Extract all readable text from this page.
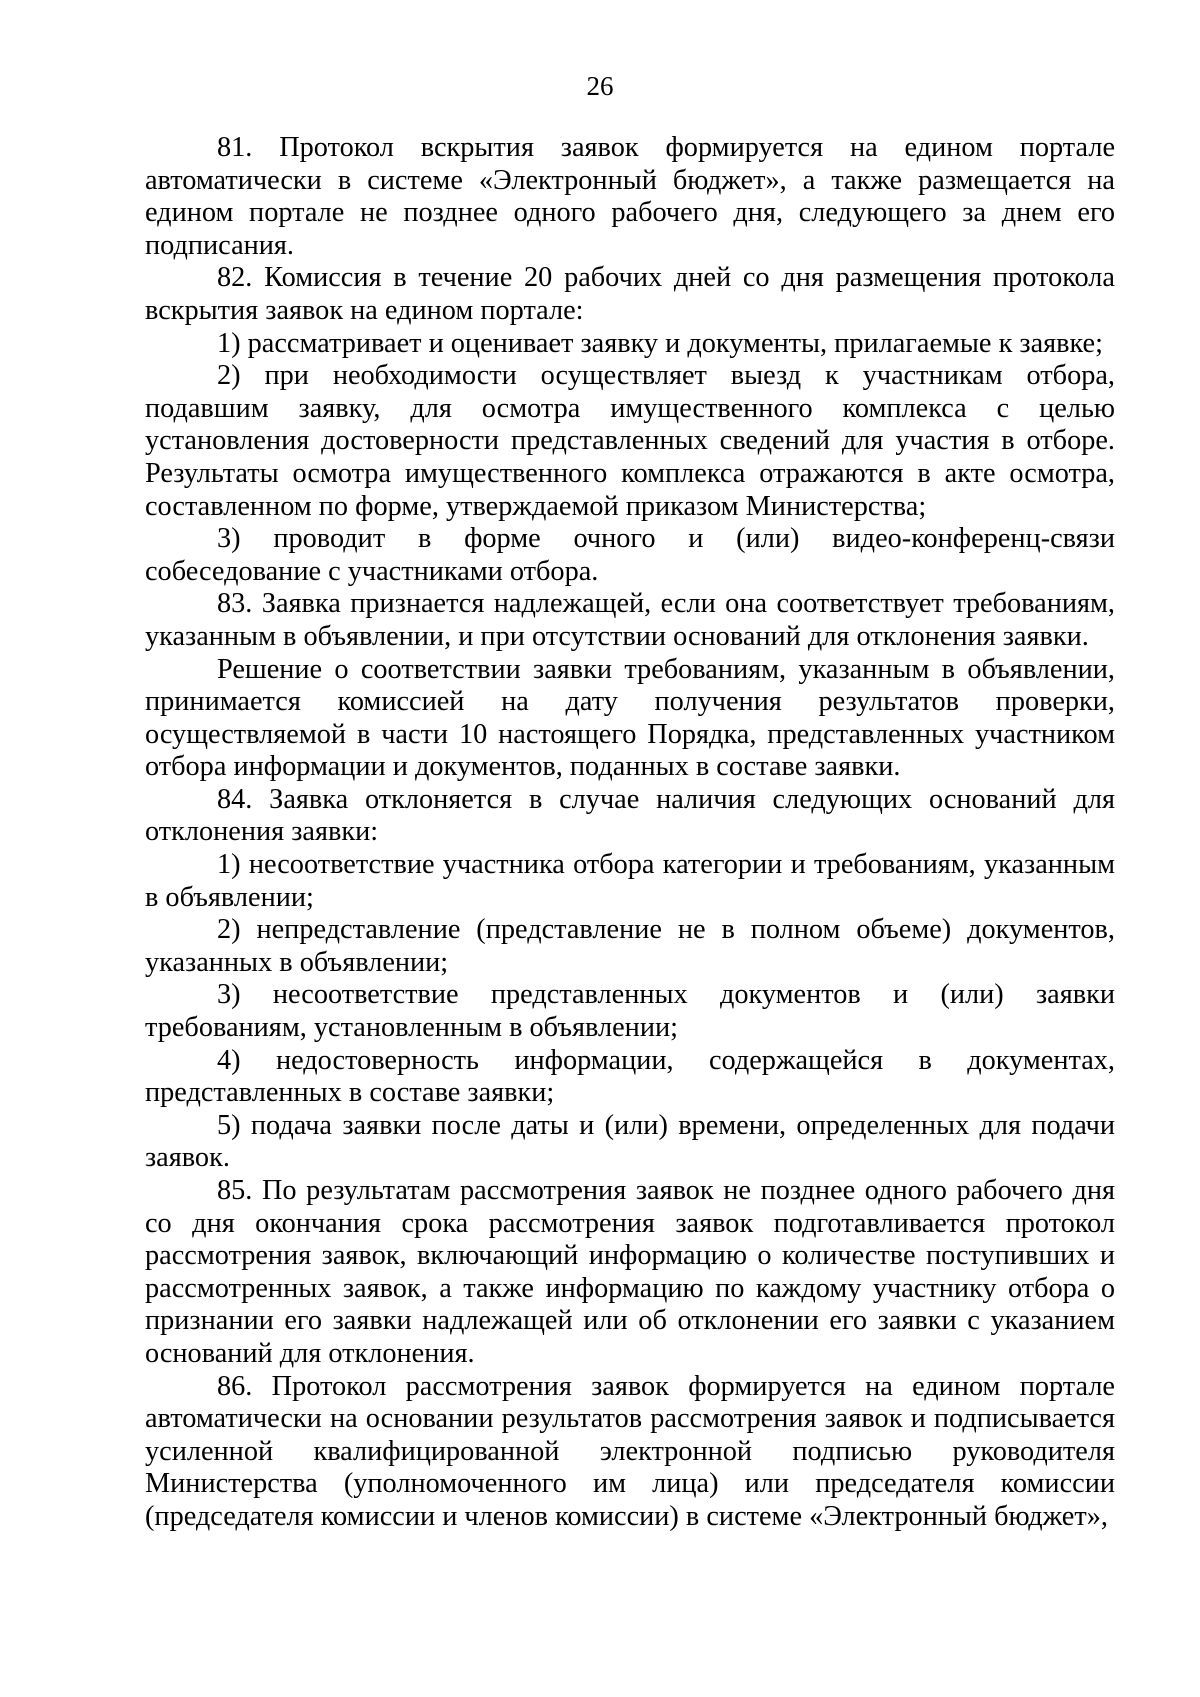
26

81. Протокол вскрытия заявок формируется на едином портале автоматически в системе «Электронный бюджет», а также размещается на едином портале не позднее одного рабочего дня, следующего за днем его подписания.

82. Комиссия в течение 20 рабочих дней со дня размещения протокола вскрытия заявок на едином портале:

1) рассматривает и оценивает заявку и документы, прилагаемые к заявке;

2) при необходимости осуществляет выезд к участникам отбора, подавшим заявку, для осмотра имущественного комплекса с целью установления достоверности представленных сведений для участия в отборе. Результаты осмотра имущественного комплекса отражаются в акте осмотра, составленном по форме, утверждаемой приказом Министерства;

3) проводит в форме очного и (или) видео-конференц-связи собеседование с участниками отбора.

83. Заявка признается надлежащей, если она соответствует требованиям, указанным в объявлении, и при отсутствии оснований для отклонения заявки.

Решение о соответствии заявки требованиям, указанным в объявлении, принимается комиссией на дату получения результатов проверки, осуществляемой в части 10 настоящего Порядка, представленных участником отбора информации и документов, поданных в составе заявки.

84. Заявка отклоняется в случае наличия следующих оснований для отклонения заявки:

1) несоответствие участника отбора категории и требованиям, указанным в объявлении;

2) непредставление (представление не в полном объеме) документов, указанных в объявлении;

3) несоответствие представленных документов и (или) заявки требованиям, установленным в объявлении;

4) недостоверность информации, содержащейся в документах, представленных в составе заявки;

5) подача заявки после даты и (или) времени, определенных для подачи заявок.

85. По результатам рассмотрения заявок не позднее одного рабочего дня со дня окончания срока рассмотрения заявок подготавливается протокол рассмотрения заявок, включающий информацию о количестве поступивших и рассмотренных заявок, а также информацию по каждому участнику отбора о признании его заявки надлежащей или об отклонении его заявки с указанием оснований для отклонения.

86. Протокол рассмотрения заявок формируется на едином портале автоматически на основании результатов рассмотрения заявок и подписывается усиленной квалифицированной электронной подписью руководителя Министерства (уполномоченного им лица) или председателя комиссии (председателя комиссии и членов комиссии) в системе «Электронный бюджет»,
